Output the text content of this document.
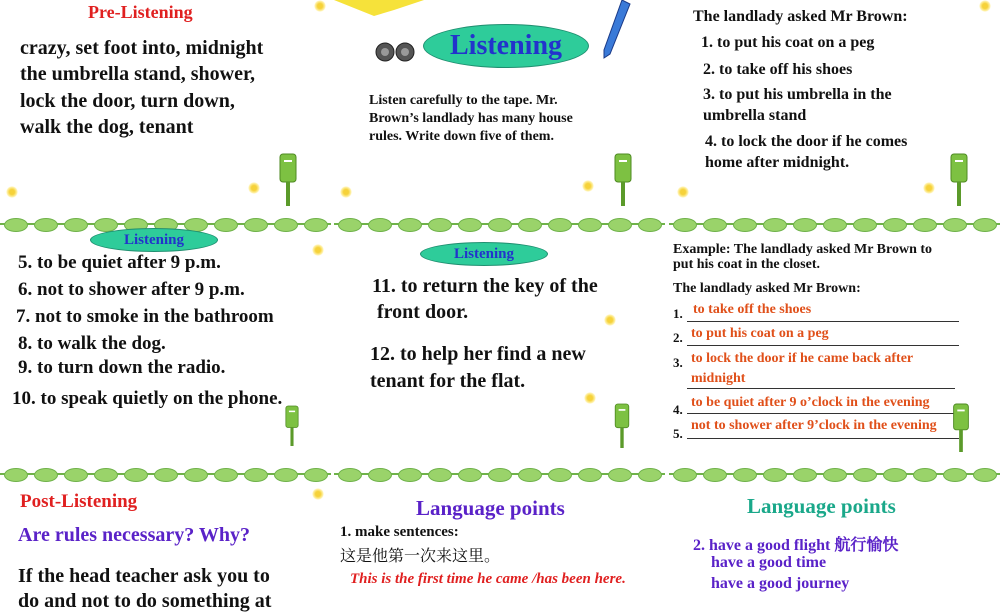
Pre-Listening
crazy, set foot into, midnight
the umbrella stand, shower,
lock the door, turn down,
walk the dog, tenant
Listening
Listen carefully to the tape. Mr.
Brown’s landlady has many house
rules. Write down five of them.
The landlady asked Mr Brown:
1. to put his coat on a peg
2. to take off his shoes
3. to put his umbrella in the
umbrella stand
4. to lock the door if he comes
home after midnight.
Listening
5. to be quiet after 9 p.m.
6. not to shower after 9 p.m.
7. not to smoke in the bathroom
8. to walk the dog.
9. to turn down the radio.
10. to speak quietly on the phone.
Listening
11. to return the key of the
front door.
12. to help her find a new
tenant for the flat.
Example: The landlady asked Mr Brown to
put his coat in the closet.
The landlady asked Mr Brown:
1. to take off the shoes
2. to put his coat on a peg
3. to lock the door if he came back after
midnight
4. to be quiet after 9 o’clock in the evening
5.
not to shower after 9’clock in the evening
Post-Listening
Are rules necessary? Why?
If the head teacher ask you to
do and not to do something at
Language points
1. make sentences:
这是他第一次来这里。
This is the first time he came /has been here.
Language points
2. have a good flight 航行愉快
have a good time
have a good journey
